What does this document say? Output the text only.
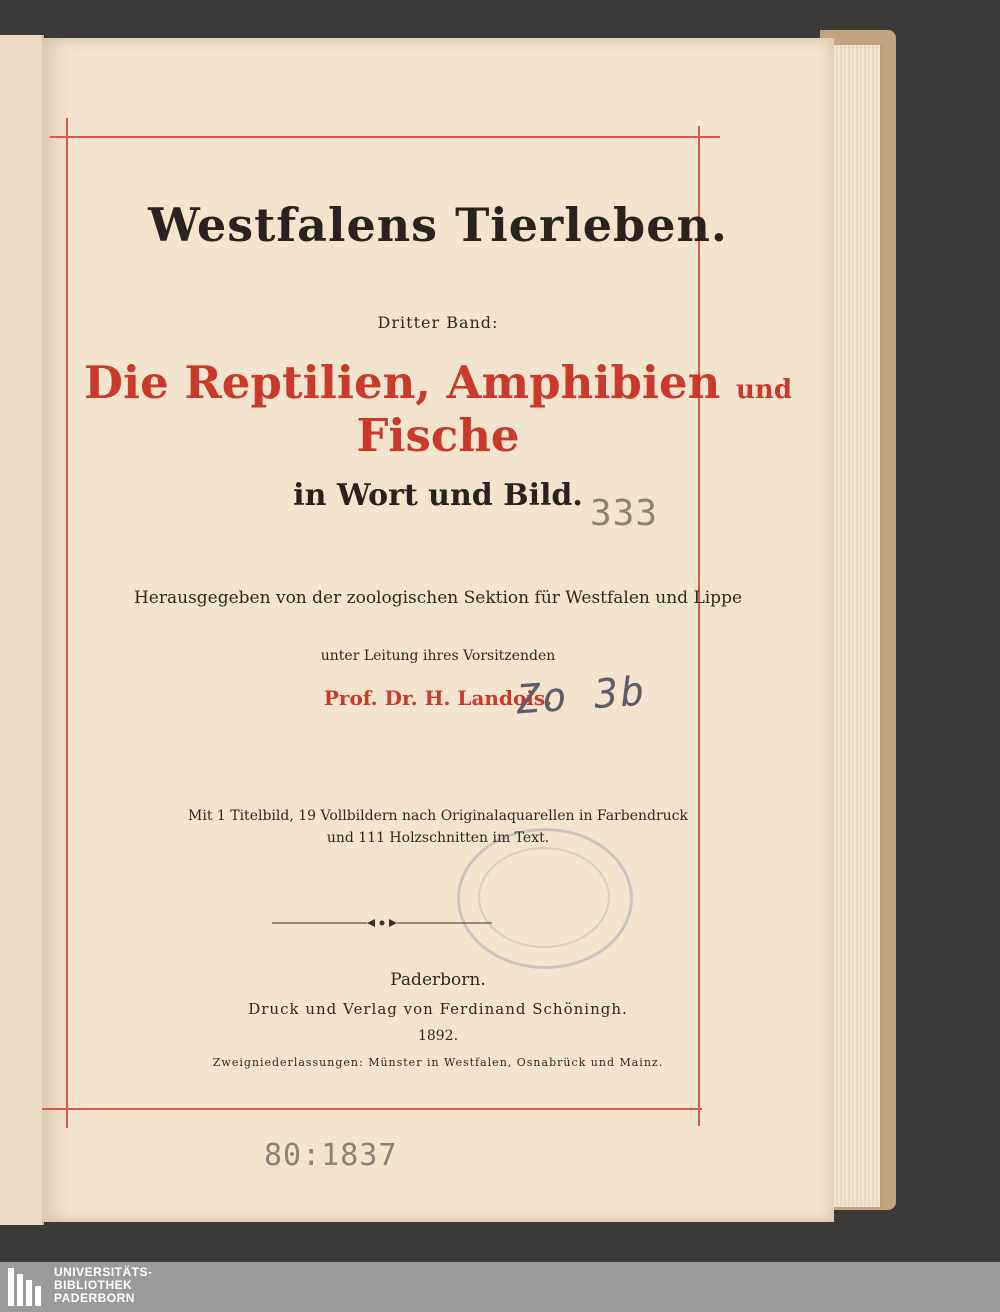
Westfalens Tierleben.
Dritter Band:
Die Reptilien, Amphibien und Fische
in Wort und Bild. 333
Herausgegeben von der zoologischen Sektion für Westfalen und Lippe
unter Leitung ihres Vorsitzenden
Prof. Dr. H. Landois.
Zo 3b
Mit 1 Titelbild, 19 Vollbildern nach Originalaquarellen in Farbendruck
und 111 Holzschnitten im Text.
Paderborn.
Druck und Verlag von Ferdinand Schöningh.
1892.
Zweigniederlassungen: Münster in Westfalen, Osnabrück und Mainz.
80:1837
UNIVERSITÄTS-
BIBLIOTHEK
PADERBORN
